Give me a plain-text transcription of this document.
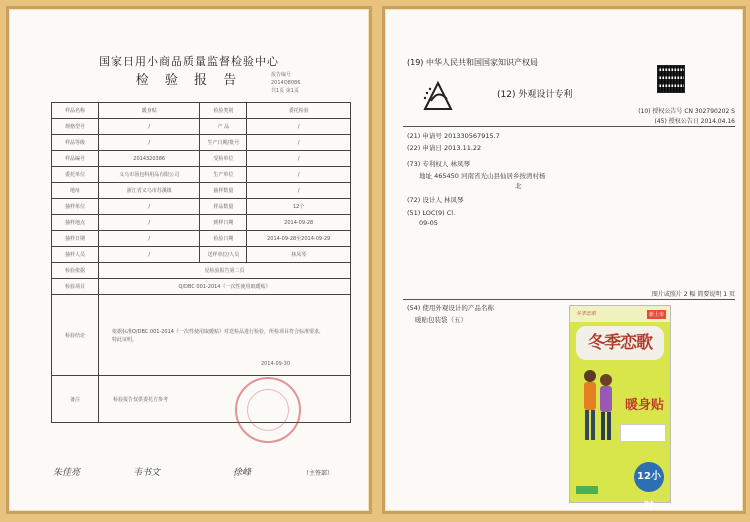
国家日用小商品质量监督检验中心
检 验 报 告	报告编号
2014Q8086
共1页 第1页
样品名称	暖身贴	检验类别	委托检验
规格型号	/	产 品	/
样品等级	/	生产日期/批号	/
样品编号	2014320386	受检单位	/
委托单位	义乌市汤包科用品有限公司	生产单位	/
地址	浙江省义乌市苏溪镇	抽样数量	/
抽样单位	/	样品数量	12个
抽样地点	/	到样日期	2014-09-28
抽样日期	/	检验日期	2014-09-28至2014-09-29
抽样人员	/	送样单位/人员	林凤琴
检验依据	见检验报告第二页		
检验项目	Q/DBC 001-2014《一次性使用取暖贴》		
检验结论	依据标准Q/DBC 001-2014《一次性使用取暖贴》对送检品进行检验，所检项目符合标准要求，特此证明。
2014-09-30		

备注	检验报告仅供委托方参考		
朱佳亮	韦书文	徐峰	（主签部）
(19) 中华人民共和国国家知识产权局
(12) 外观设计专利
(10) 授权公告号 CN 302790202 S
(45) 授权公告日 2014.04.16
(21) 申请号 201330567915.7
(22) 申请日 2013.11.22
(73) 专利权人 林凤琴
地址 465450 河南省光山县仙居乡按湾村杨
北
(72) 设计人 林凤琴
(51) LOC(9) Cl.
09-05
图片或照片 2 幅 简要说明 1 页
(54) 使用外观设计的产品名称
暖贴包装袋（五）
冬季恋歌	新上市
冬季恋歌
暖身贴
12小时
